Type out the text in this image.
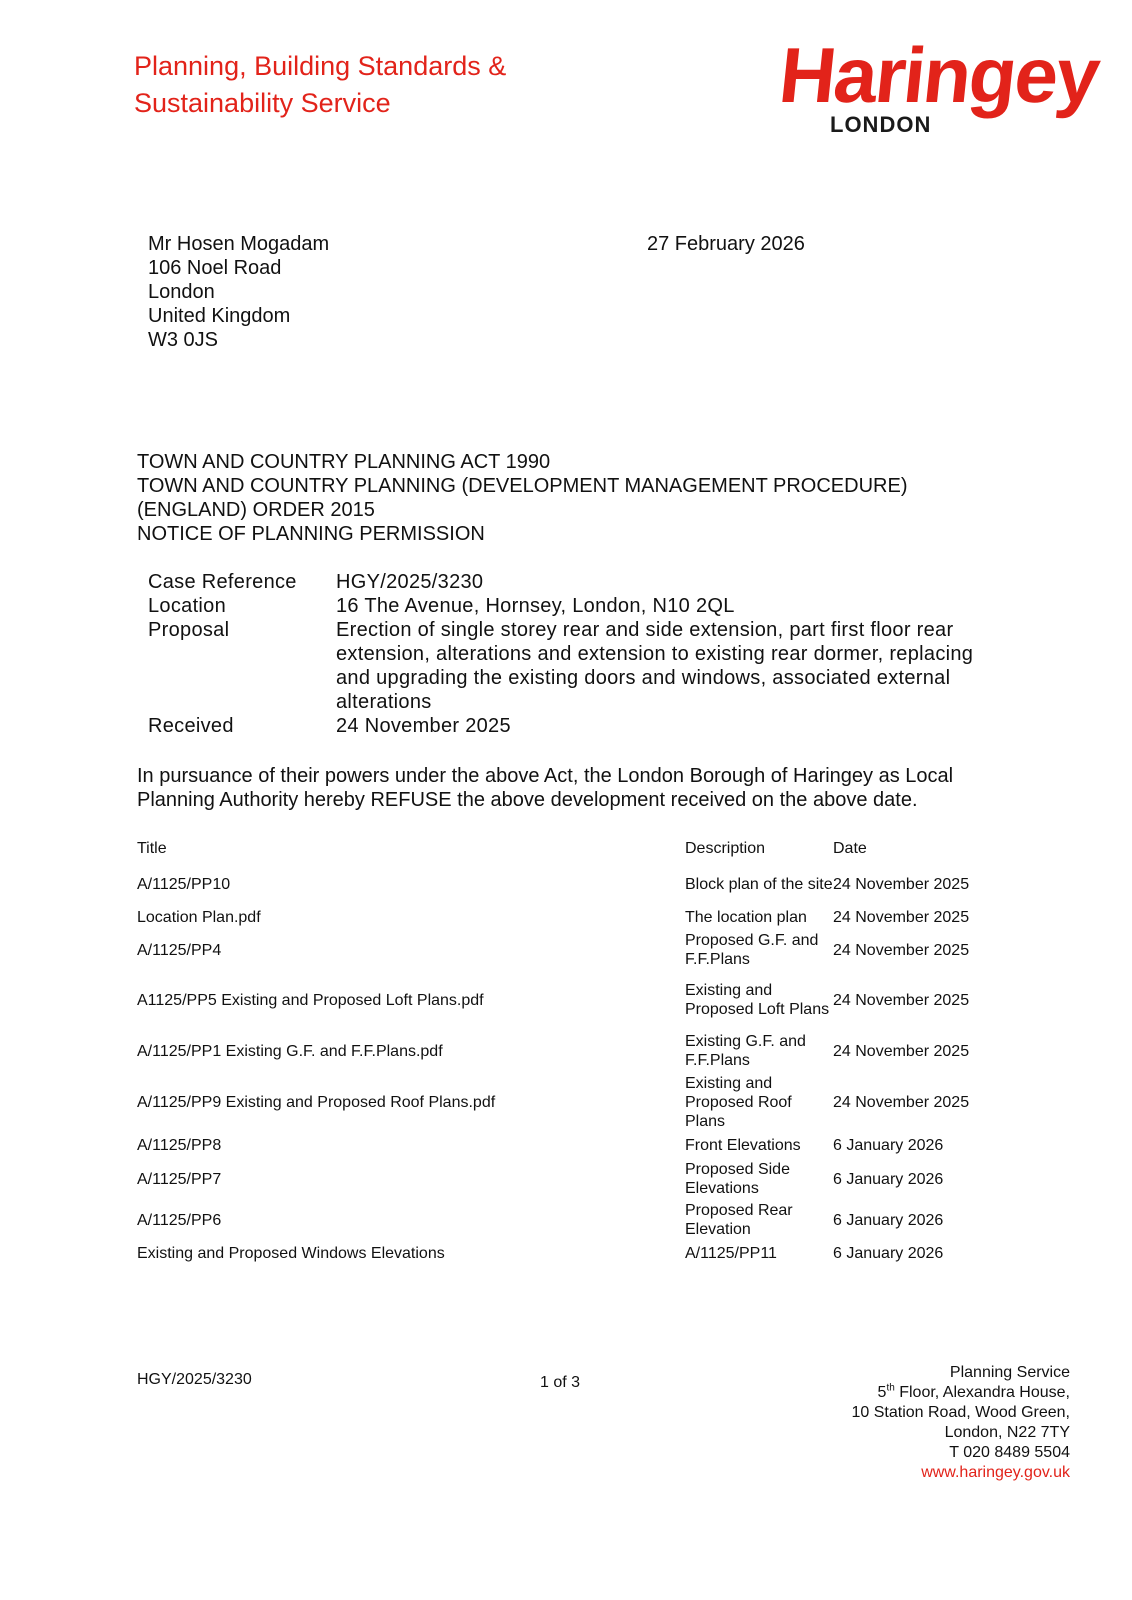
Planning, Building Standards &
Sustainability Service	Haringey
LONDON
Mr Hosen Mogadam
106 Noel Road
London
United Kingdom
W3 0JS
27 February 2026
TOWN AND COUNTRY PLANNING ACT 1990
TOWN AND COUNTRY PLANNING (DEVELOPMENT MANAGEMENT PROCEDURE)
(ENGLAND) ORDER 2015
NOTICE OF PLANNING PERMISSION
Case Reference	HGY/2025/3230
Location	16 The Avenue, Hornsey, London, N10 2QL
Proposal	Erection of single storey rear and side extension, part first floor rear extension, alterations and extension to existing rear dormer, replacing and upgrading the existing doors and windows, associated external alterations
Received	24 November 2025
In pursuance of their powers under the above Act, the London Borough of Haringey as Local Planning Authority hereby REFUSE the above development received on the above date.
Title	Description	Date
A/1125/PP10	Block plan of the site	24 November 2025
Location Plan.pdf	The location plan	24 November 2025
A/1125/PP4	Proposed G.F. and F.F.Plans	24 November 2025
A1125/PP5 Existing and Proposed Loft Plans.pdf	Existing and Proposed Loft Plans	24 November 2025
A/1125/PP1 Existing G.F. and F.F.Plans.pdf	Existing G.F. and F.F.Plans	24 November 2025
A/1125/PP9 Existing and Proposed Roof Plans.pdf	Existing and Proposed Roof Plans	24 November 2025
A/1125/PP8	Front Elevations	6 January 2026
A/1125/PP7	Proposed Side Elevations	6 January 2026
A/1125/PP6	Proposed Rear Elevation	6 January 2026
Existing and Proposed Windows Elevations	A/1125/PP11	6 January 2026
HGY/2025/3230	1 of 3
Planning Service
5th Floor, Alexandra House,
10 Station Road, Wood Green,
London, N22 7TY
T 020 8489 5504
www.haringey.gov.uk
